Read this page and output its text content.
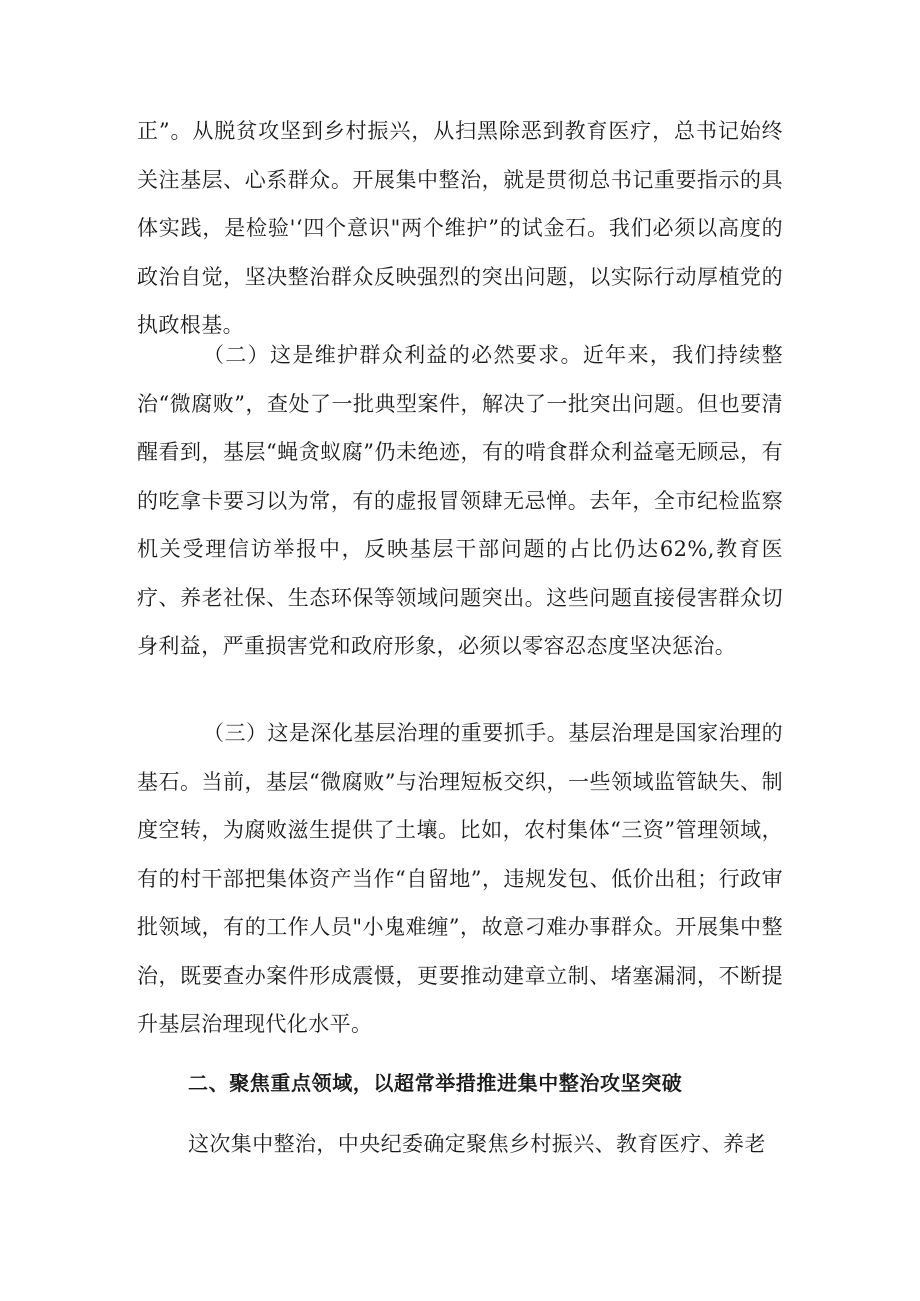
正”。从脱贫攻坚到乡村振兴，从扫黑除恶到教育医疗，总书记始终关注基层、心系群众。开展集中整治，就是贯彻总书记重要指示的具体实践，是检验'‘四个意识"两个维护”的试金石。我们必须以高度的政治自觉，坚决整治群众反映强烈的突出问题，以实际行动厚植党的执政根基。

（二）这是维护群众利益的必然要求。近年来，我们持续整治“微腐败”，查处了一批典型案件，解决了一批突出问题。但也要清醒看到，基层“蝇贪蚁腐”仍未绝迹，有的啃食群众利益毫无顾忌，有的吃拿卡要习以为常，有的虚报冒领肆无忌惮。去年，全市纪检监察机关受理信访举报中，反映基层干部问题的占比仍达62%,教育医疗、养老社保、生态环保等领域问题突出。这些问题直接侵害群众切身利益，严重损害党和政府形象，必须以零容忍态度坚决惩治。

（三）这是深化基层治理的重要抓手。基层治理是国家治理的基石。当前，基层“微腐败”与治理短板交织，一些领域监管缺失、制度空转，为腐败滋生提供了土壤。比如，农村集体“三资”管理领域，有的村干部把集体资产当作“自留地”，违规发包、低价出租；行政审批领域，有的工作人员"小鬼难缠”，故意刁难办事群众。开展集中整治，既要查办案件形成震慑，更要推动建章立制、堵塞漏洞，不断提升基层治理现代化水平。

二、聚焦重点领域，以超常举措推进集中整治攻坚突破

这次集中整治，中央纪委确定聚焦乡村振兴、教育医疗、养老
